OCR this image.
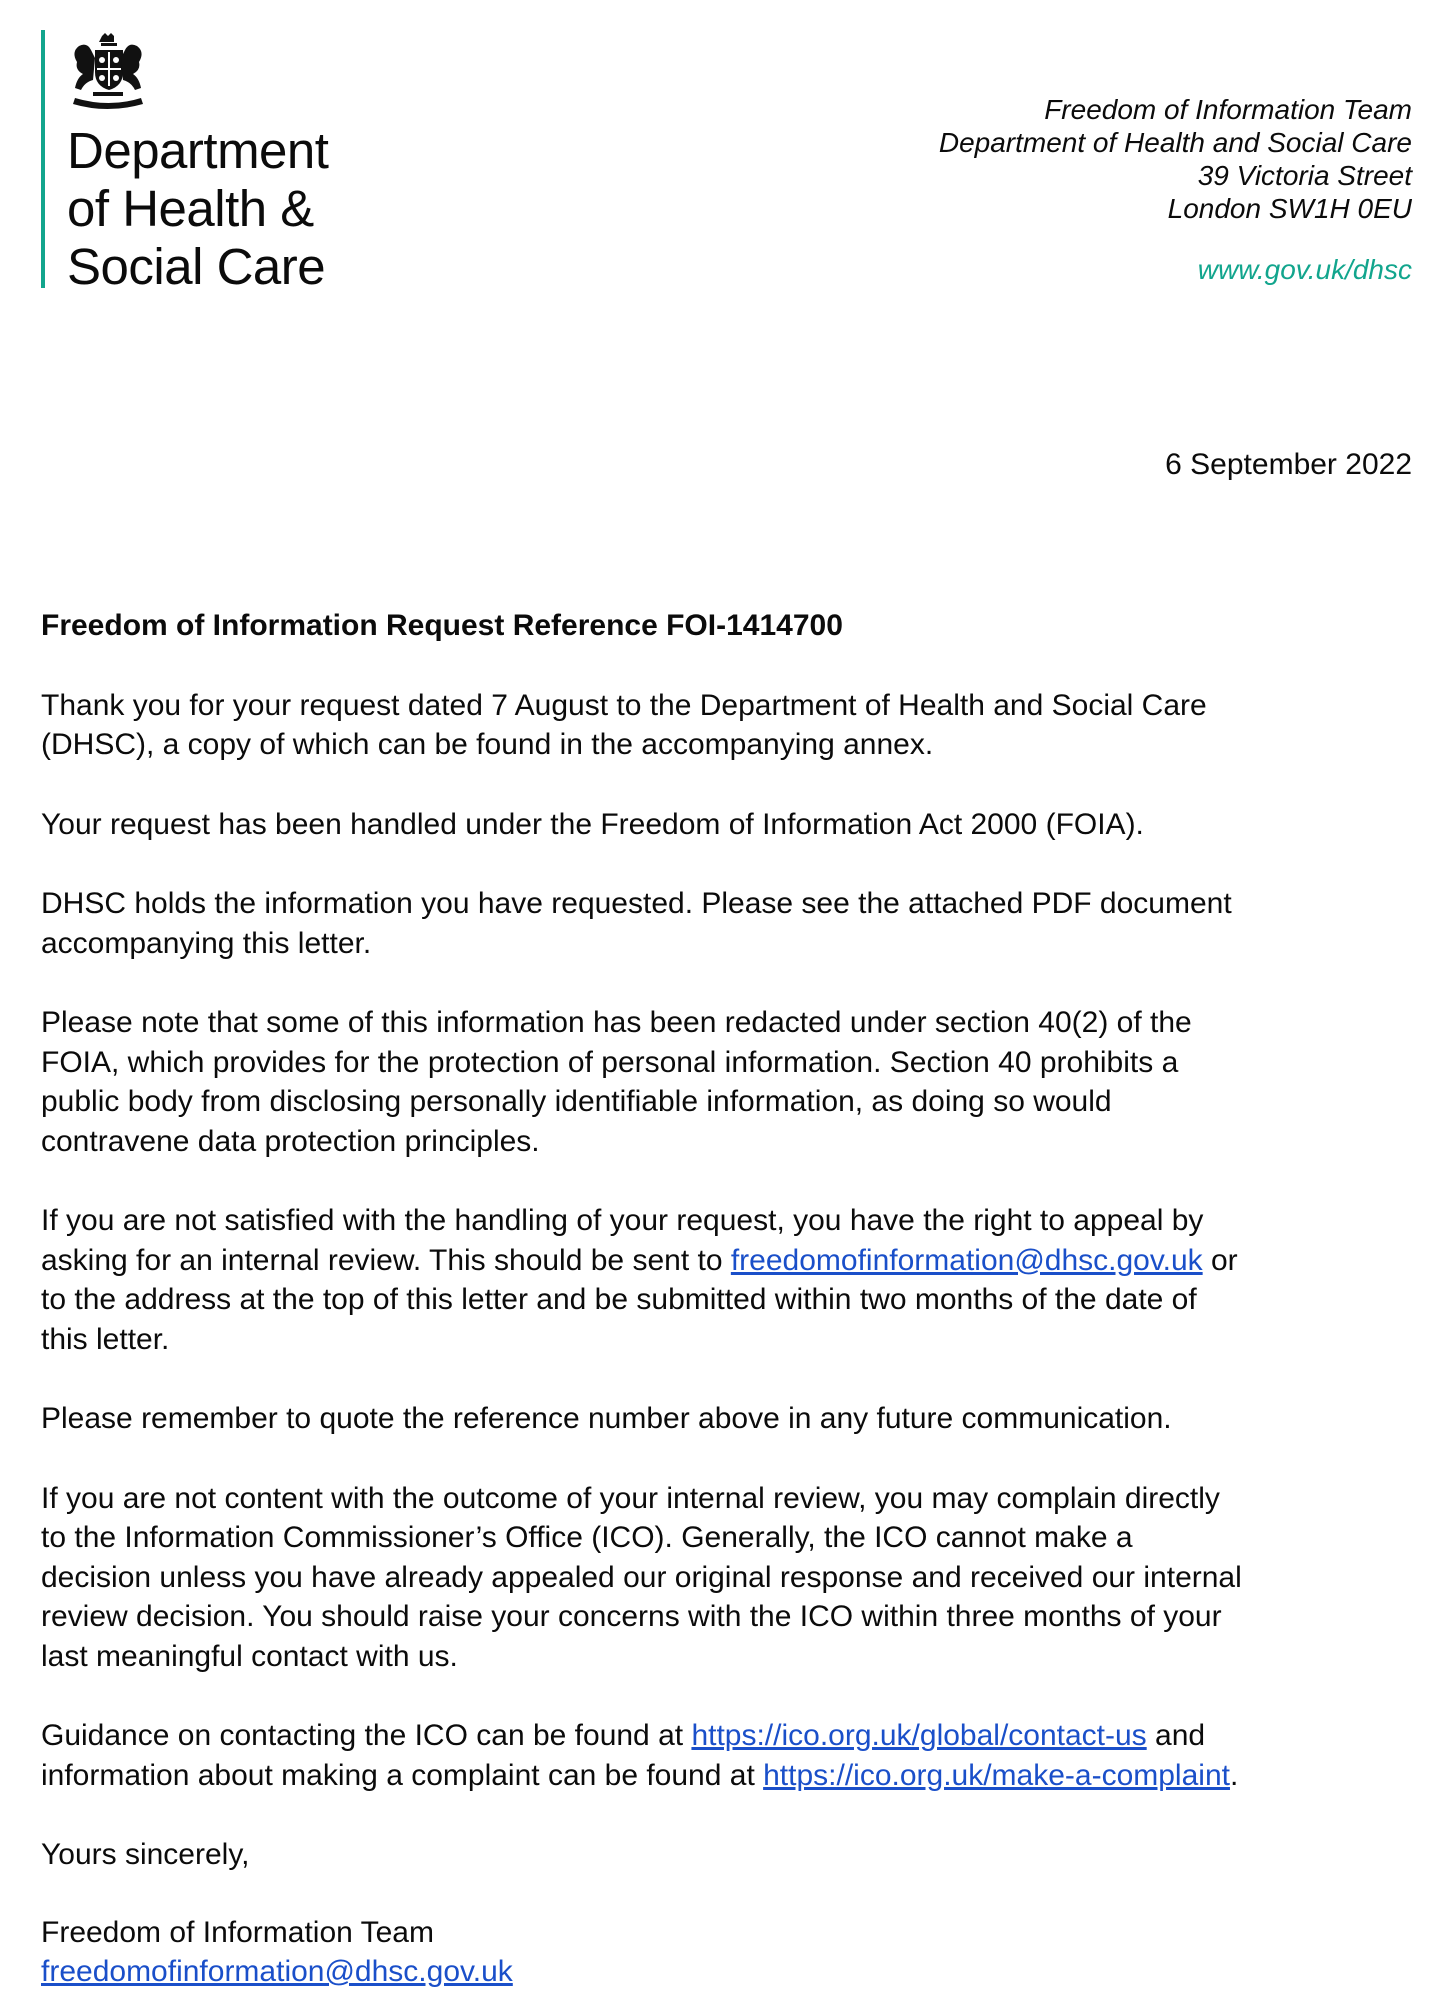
Department
of Health &
Social Care
Freedom of Information Team
Department of Health and Social Care
39 Victoria Street
London SW1H 0EU
www.gov.uk/dhsc
6 September 2022
Freedom of Information Request Reference FOI-1414700
Thank you for your request dated 7 August to the Department of Health and Social Care
(DHSC), a copy of which can be found in the accompanying annex.
Your request has been handled under the Freedom of Information Act 2000 (FOIA).
DHSC holds the information you have requested. Please see the attached PDF document
accompanying this letter.
Please note that some of this information has been redacted under section 40(2) of the
FOIA, which provides for the protection of personal information. Section 40 prohibits a
public body from disclosing personally identifiable information, as doing so would
contravene data protection principles.
If you are not satisfied with the handling of your request, you have the right to appeal by
asking for an internal review. This should be sent to freedomofinformation@dhsc.gov.uk or
to the address at the top of this letter and be submitted within two months of the date of
this letter.
Please remember to quote the reference number above in any future communication.
If you are not content with the outcome of your internal review, you may complain directly
to the Information Commissioner’s Office (ICO). Generally, the ICO cannot make a
decision unless you have already appealed our original response and received our internal
review decision. You should raise your concerns with the ICO within three months of your
last meaningful contact with us.
Guidance on contacting the ICO can be found at https://ico.org.uk/global/contact-us and
information about making a complaint can be found at https://ico.org.uk/make-a-complaint.
Yours sincerely,
Freedom of Information Team
freedomofinformation@dhsc.gov.uk
